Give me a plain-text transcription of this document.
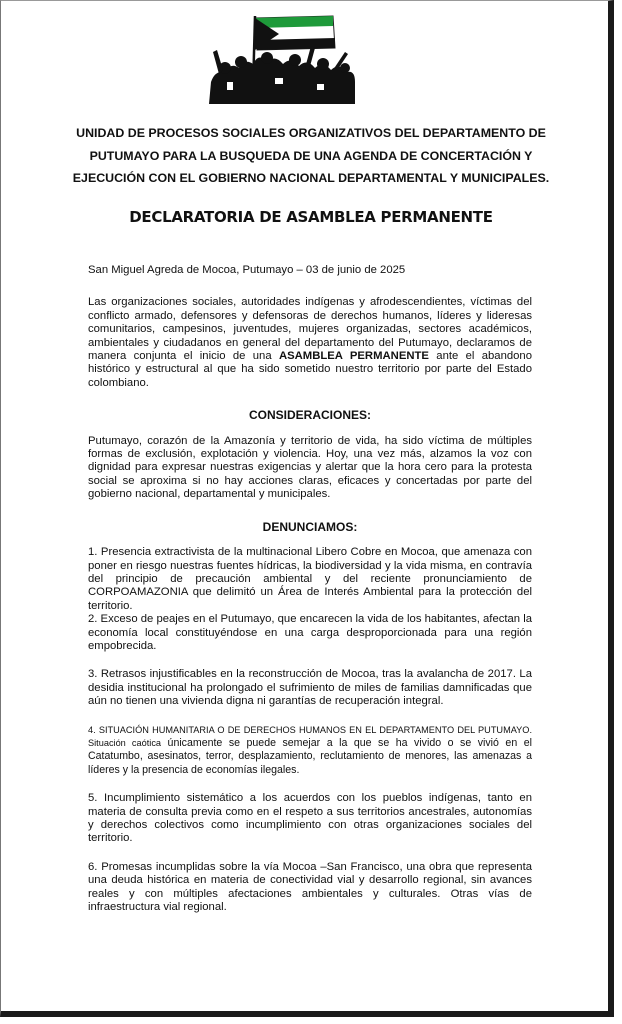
UNIDAD DE PROCESOS SOCIALES ORGANIZATIVOS DEL DEPARTAMENTO DE PUTUMAYO PARA LA BUSQUEDA DE UNA AGENDA DE CONCERTACIÓN Y EJECUCIÓN CON EL GOBIERNO NACIONAL DEPARTAMENTAL Y MUNICIPALES.
DECLARATORIA DE ASAMBLEA PERMANENTE

San Miguel Agreda de Mocoa, Putumayo – 03 de junio de 2025

Las organizaciones sociales, autoridades indígenas y afrodescendientes, víctimas del conflicto armado, defensores y defensoras de derechos humanos, líderes y lideresas comunitarios, campesinos, juventudes, mujeres organizadas, sectores académicos, ambientales y ciudadanos en general del departamento del Putumayo, declaramos de manera conjunta el inicio de una ASAMBLEA PERMANENTE ante el abandono histórico y estructural al que ha sido sometido nuestro territorio por parte del Estado colombiano.

CONSIDERACIONES:

Putumayo, corazón de la Amazonía y territorio de vida, ha sido víctima de múltiples formas de exclusión, explotación y violencia. Hoy, una vez más, alzamos la voz con dignidad para expresar nuestras exigencias y alertar que la hora cero para la protesta social se aproxima si no hay acciones claras, eficaces y concertadas por parte del gobierno nacional, departamental y municipales.

DENUNCIAMOS:

1. Presencia extractivista de la multinacional Libero Cobre en Mocoa, que amenaza con poner en riesgo nuestras fuentes hídricas, la biodiversidad y la vida misma, en contravía del principio de precaución ambiental y del reciente pronunciamiento de CORPOAMAZONIA que delimitó un Área de Interés Ambiental para la protección del territorio.

2. Exceso de peajes en el Putumayo, que encarecen la vida de los habitantes, afectan la economía local constituyéndose en una carga desproporcionada para una región empobrecida.

3. Retrasos injustificables en la reconstrucción de Mocoa, tras la avalancha de 2017. La desidia institucional ha prolongado el sufrimiento de miles de familias damnificadas que aún no tienen una vivienda digna ni garantías de recuperación integral.

4. SITUACIÓN HUMANITARIA O DE DERECHOS HUMANOS EN EL DEPARTAMENTO DEL PUTUMAYO. Situación caótica únicamente se puede semejar a la que se ha vivido o se vivió en el Catatumbo, asesinatos, terror, desplazamiento, reclutamiento de menores, las amenazas a líderes y la presencia de economías ilegales.

5. Incumplimiento sistemático a los acuerdos con los pueblos indígenas, tanto en materia de consulta previa como en el respeto a sus territorios ancestrales, autonomías y derechos colectivos como incumplimiento con otras organizaciones sociales del territorio.

6. Promesas incumplidas sobre la vía Mocoa –San Francisco, una obra que representa una deuda histórica en materia de conectividad vial y desarrollo regional, sin avances reales y con múltiples afectaciones ambientales y culturales. Otras vías de infraestructura vial regional.
